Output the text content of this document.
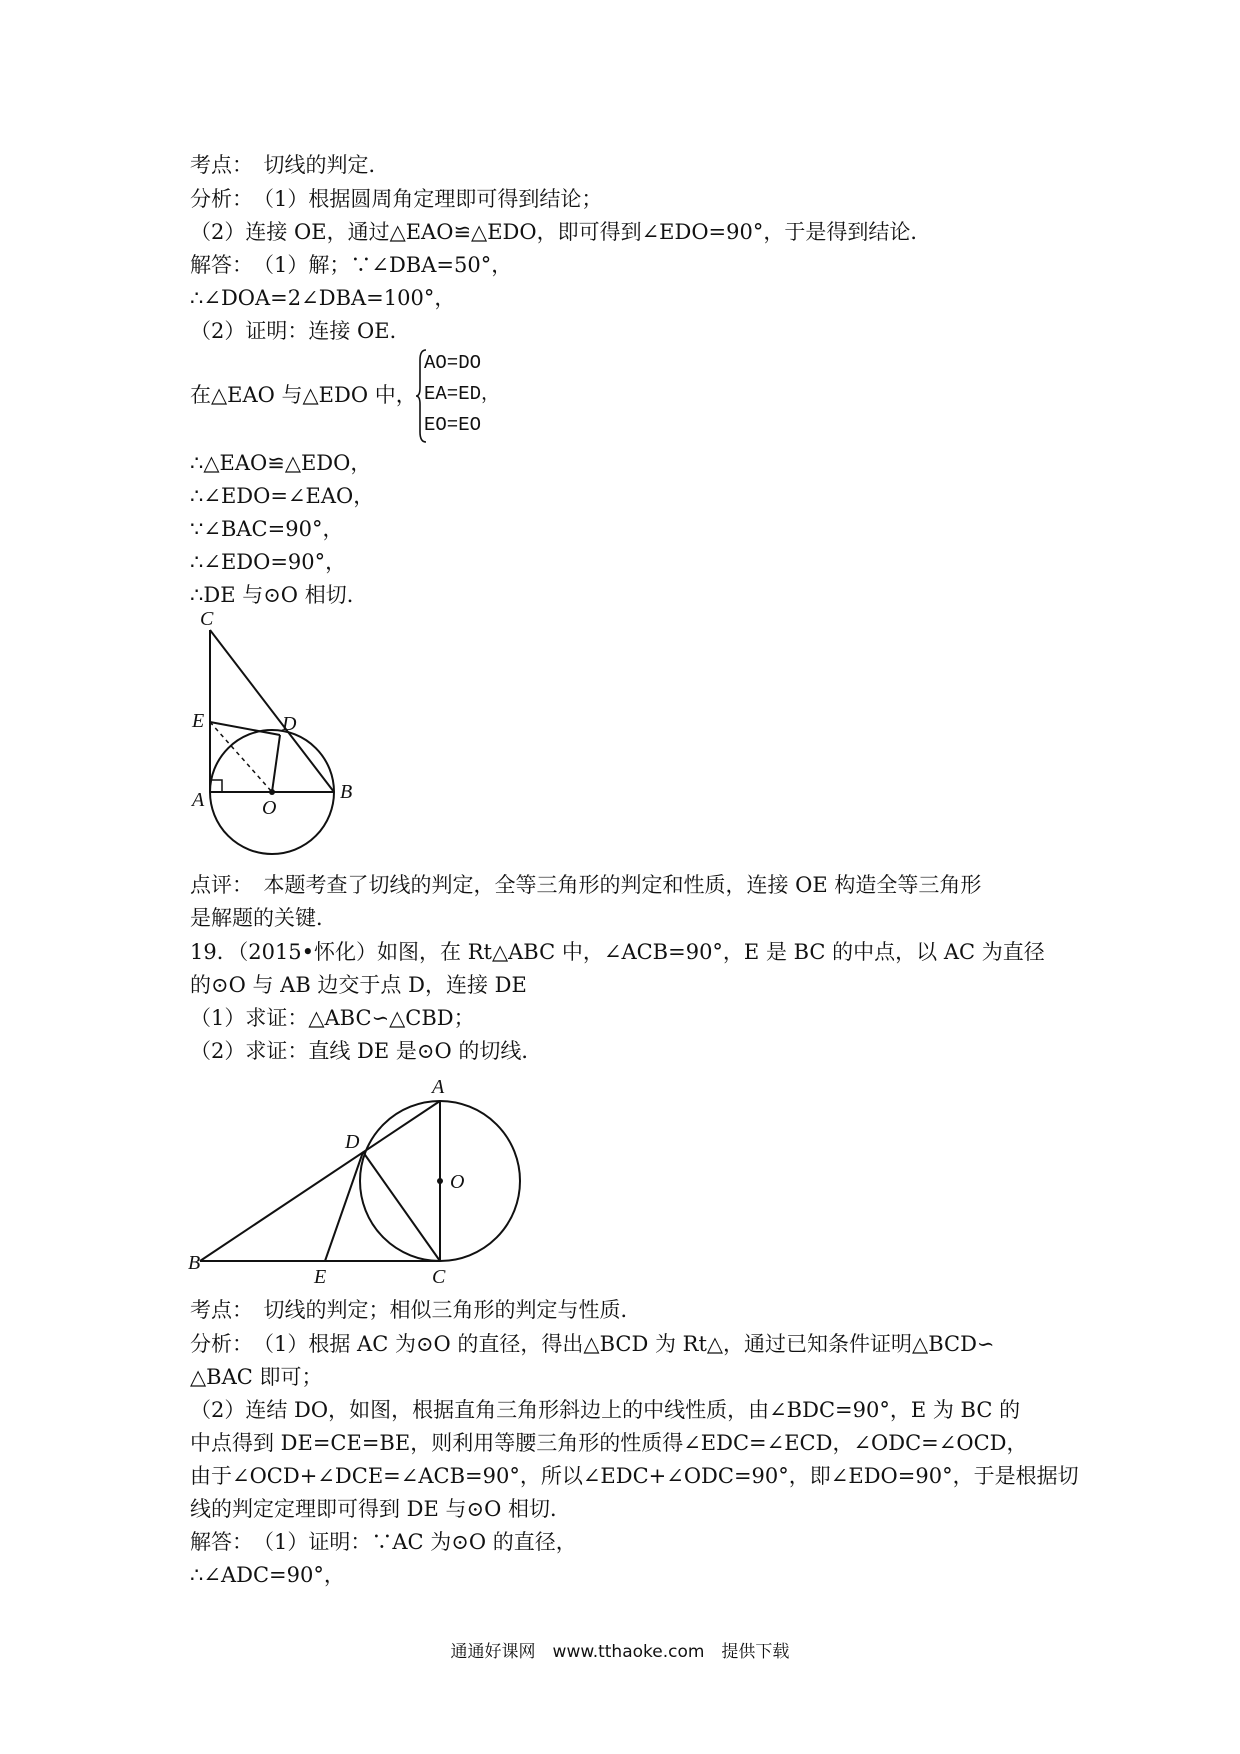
考点：　切线的判定．
分析：　（1）根据圆周角定理即可得到结论；
（2）连接 OE，通过△EAO≌△EDO，即可得到∠EDO=90°，于是得到结论．
解答：　（1）解；∵∠DBA=50°，
∴∠DOA=2∠DBA=100°，
（2）证明：连接 OE．
在△EAO 与△EDO 中，
AO=DO
EA=ED，
EO=EO
∴△EAO≌△EDO，
∴∠EDO=∠EAO，
∵∠BAC=90°，
∴∠EDO=90°，
∴DE 与⊙O 相切．
C
E	D
A	O
B
点评：　本题考查了切线的判定，全等三角形的判定和性质，连接 OE 构造全等三角形
是解题的关键．
19．（2015•怀化）如图，在 Rt△ABC 中，∠ACB=90°，E 是 BC 的中点，以 AC 为直径
的⊙O 与 AB 边交于点 D，连接 DE
（1）求证：△ABC∽△CBD；
（2）求证：直线 DE 是⊙O 的切线．
A
D
O
B
E	C
考点：　切线的判定；相似三角形的判定与性质．
分析：　（1）根据 AC 为⊙O 的直径，得出△BCD 为 Rt△，通过已知条件证明△BCD∽
△BAC 即可；
（2）连结 DO，如图，根据直角三角形斜边上的中线性质，由∠BDC=90°，E 为 BC 的
中点得到 DE=CE=BE，则利用等腰三角形的性质得∠EDC=∠ECD，∠ODC=∠OCD，
由于∠OCD+∠DCE=∠ACB=90°，所以∠EDC+∠ODC=90°，即∠EDO=90°，于是根据切
线的判定定理即可得到 DE 与⊙O 相切．
解答：　（1）证明：∵AC 为⊙O 的直径，
∴∠ADC=90°，
通通好课网　www.tthaoke.com　提供下载
